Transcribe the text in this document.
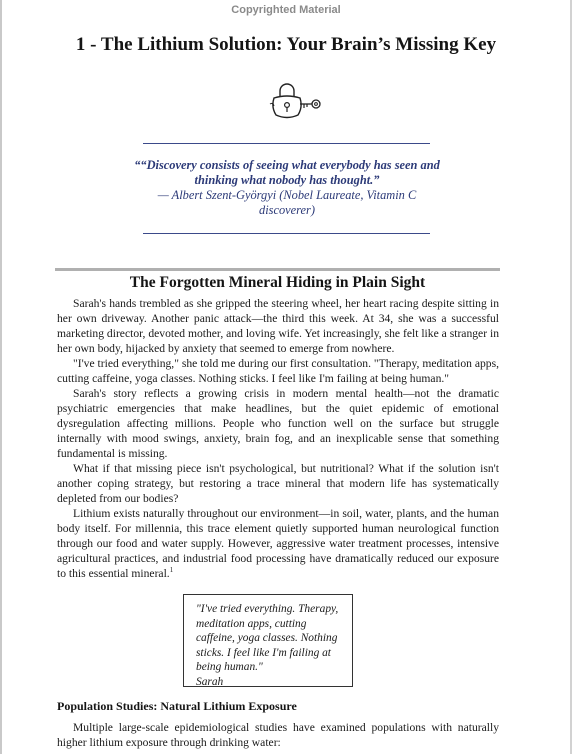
Copyrighted Material
1 - The Lithium Solution: Your Brain’s Missing Key

““Discovery consists of seeing what everybody has seen and thinking what nobody has thought.”

— Albert Szent-Györgyi (Nobel Laureate, Vitamin C discoverer)

The Forgotten Mineral Hiding in Plain Sight

Sarah's hands trembled as she gripped the steering wheel, her heart racing despite sitting in her own driveway. Another panic attack—the third this week. At 34, she was a successful marketing director, devoted mother, and loving wife. Yet increasingly, she felt like a stranger in her own body, hijacked by anxiety that seemed to emerge from nowhere.

"I've tried everything," she told me during our first consultation. "Therapy, meditation apps, cutting caffeine, yoga classes. Nothing sticks. I feel like I'm failing at being human."

Sarah's story reflects a growing crisis in modern mental health—not the dramatic psychiatric emergencies that make headlines, but the quiet epidemic of emotional dysregulation affecting millions. People who function well on the surface but struggle internally with mood swings, anxiety, brain fog, and an inexplicable sense that something fundamental is missing.

What if that missing piece isn't psychological, but nutritional? What if the solution isn't another coping strategy, but restoring a trace mineral that modern life has systematically depleted from our bodies?

Lithium exists naturally throughout our environment—in soil, water, plants, and the human body itself. For millennia, this trace element quietly supported human neurological function through our food and water supply. However, aggressive water treatment processes, intensive agricultural practices, and industrial food processing have dramatically reduced our exposure to this essential mineral.$^1$

"I've tried everything. Therapy, meditation apps, cutting caffeine, yoga classes. Nothing sticks. I feel like I'm failing at being human."
Sarah
Population Studies: Natural Lithium Exposure

Multiple large-scale epidemiological studies have examined populations with naturally higher lithium exposure through drinking water:
